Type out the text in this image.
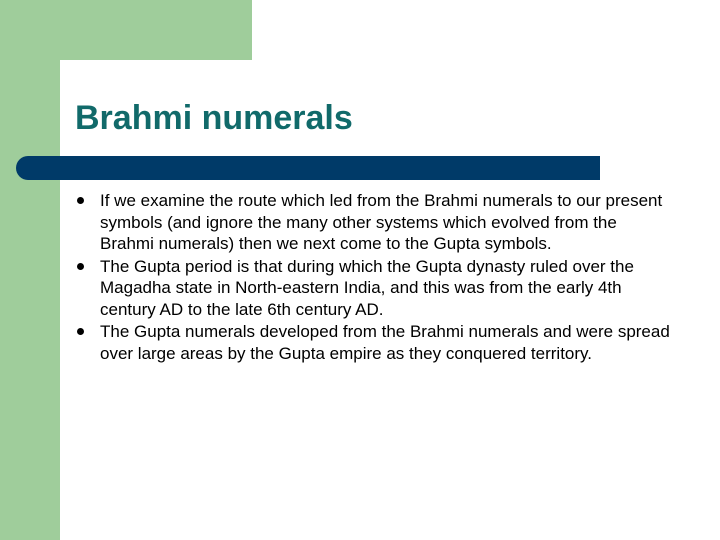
Brahmi numerals
If we examine the route which led from the Brahmi numerals to our present symbols (and ignore the many other systems which evolved from the Brahmi numerals) then we next come to the Gupta symbols.
The Gupta period is that during which the Gupta dynasty ruled over the Magadha state in North-eastern India, and this was from the early 4th century AD to the late 6th century AD.
The Gupta numerals developed from the Brahmi numerals and were spread over large areas by the Gupta empire as they conquered territory.
